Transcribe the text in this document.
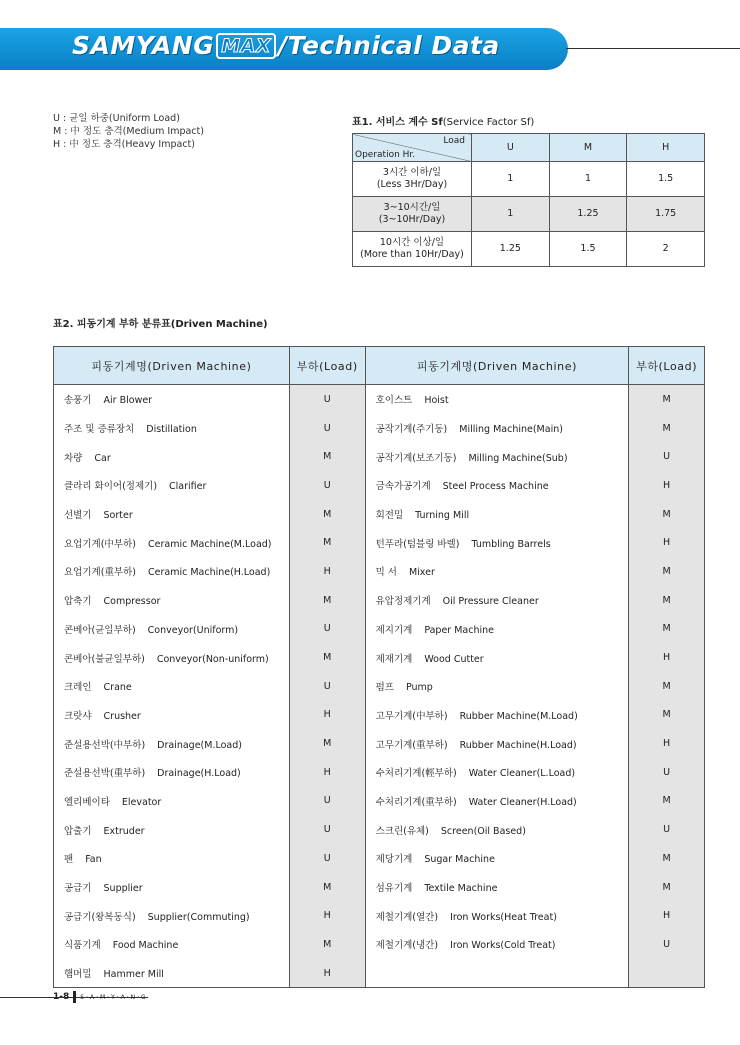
SAMYANG MAX /Technical Data
U : 균일 하중(Uniform Load)
M : 中 정도 충격(Medium Impact)
H : 中 정도 충격(Heavy Impact)
표1. 서비스 계수 Sf(Service Factor Sf)
Load
Operation Hr.	U	M	H
3시간 이하/일
(Less 3Hr/Day)	1	1	1.5
3~10시간/일
(3~10Hr/Day)	1	1.25	1.75
10시간 이상/일
(More than 10Hr/Day)	1.25	1.5	2
표2. 피동기계 부하 분류표(Driven Machine)
피동기계명(Driven Machine)	부하(Load)	피동기계명(Driven Machine)	부하(Load)
송풍기 Air Blower	U	호이스트 Hoist	M
주조 및 증류장치 Distillation	U	공작기계(주기동) Milling Machine(Main)	M
차량 Car	M	공작기계(보조기동) Milling Machine(Sub)	U
클라리 화이어(정제기) Clarifier	U	금속가공기계 Steel Process Machine	H
선별기 Sorter	M	회전밀 Turning Mill	M
요업기계(中부하) Ceramic Machine(M.Load)	M	턴푸라(텀블링 바렐) Tumbling Barrels	H
요업기계(重부하) Ceramic Machine(H.Load)	H	믹 서 Mixer	M
압축기 Compressor	M	유압정제기계 Oil Pressure Cleaner	M
콘베아(균일부하) Conveyor(Uniform)	U	제지기계 Paper Machine	M
콘베아(불균일부하) Conveyor(Non-uniform)	M	제재기계 Wood Cutter	H
크레인 Crane	U	펌프 Pump	M
크랏샤 Crusher	H	고무기계(中부하) Rubber Machine(M.Load)	M
준설용선박(中부하) Drainage(M.Load)	M	고무기계(重부하) Rubber Machine(H.Load)	H
준설용선박(重부하) Drainage(H.Load)	H	수처리기계(輕부하) Water Cleaner(L.Load)	U
엘리베이타 Elevator	U	수처리기계(重부하) Water Cleaner(H.Load)	M
압출기 Extruder	U	스크린(유체) Screen(Oil Based)	U
팬 Fan	U	제당기계 Sugar Machine	M
공급기 Supplier	M	섬유기계 Textile Machine	M
공급기(왕복동식) Supplier(Commuting)	H	제철기계(열간) Iron Works(Heat Treat)	H
식품기계 Food Machine	M	제철기계(냉간) Iron Works(Cold Treat)	U
햄머밀 Hammer Mill	H		
1-8 S·A·M·Y·A·N·G
